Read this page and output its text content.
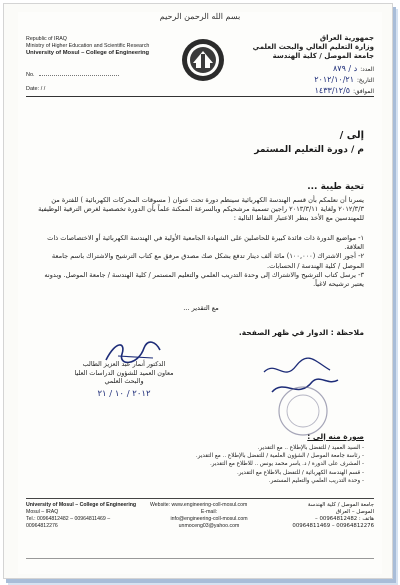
بسم الله الرحمن الرحيم
Republic of IRAQ
Ministry of Higher Education and Scientific Research
University of Mosul – College of Engineering
جمهورية العراق
وزارة التعليم العالي والبحث العلمي
جامعة الموصل / كلية الهندسة
No.
Date: / /
العدد:د / ٨٧٩
التاريخ:٢٠١٢/١٠/٢١
الموافق:١٤٣٣/١٢/٥
إلى /
م / دورة التعليم المستمر
تحية طيبة ...
يسرنا أن نعلمكم بأن قسم الهندسة الكهربائية سينظم دورة تحت عنوان ( مسوقات المحركات الكهربائية ) للفترة من ٢٠١٢/٣/٣ ولغاية ٢٠١٣/٣/١١ راجين تسمية مرشحيكم وبالسرعة الممكنة علماً بأن الدورة تخصصية لغرض الترقية الوظيفية للمهندسين مع الأخذ بنظر الاعتبار النقاط التالية :
١- مواضيع الدورة ذات فائدة كبيرة للحاصلين على الشهادة الجامعية الأولية في الهندسة الكهربائية أو الاختصاصات ذات العلاقة.
٢- أجور الاشتراك (١٠٠,٠٠٠) مائة ألف دينار تدفع بشكل صك مصدق مرفق مع كتاب الترشيح والاشتراك باسم جامعة الموصل / كلية الهندسة / الحسابات.
٣- يرسل كتاب الترشيح والاشتراك إلى وحدة التدريب العلمي والتعليم المستمر / كلية الهندسة / جامعة الموصل. وبدونه يعتبر ترشيحه لاغياً.
مع التقدير ...
ملاحظة : الدوار في ظهر الصفحة.
الدكتور أنمار عبد العزيز الطالب
معاون العميد للشؤون الدراسات العليا
والبحث العلمي
٢٠١٢ / ١٠ / ٢١
صورة منه إلى :
- السيد العميد / للتفضل بالإطلاع .. مع التقدير.
- رئاسة جامعة الموصل / الشؤون العلمية / للتفضل بالإطلاع .. مع التقدير.
- المشرف على الدورة / د. ياسر محمد يونس .. للاطلاع مع التقدير.
- قسم الهندسة الكهربائية / للتفضل بالاطلاع مع التقدير.
- وحدة التدريب العلمي والتعليم المستمر.
University of Mosul – College of Engineering
Mosul – IRAQ
Tel.: 00964812482 – 00964811469 –
00964812276
Website: www.engineering-coll-mosul.com
E-mail:
info@engineering-coll-mosul.com
unmoceng03@yahoo.com
جامعة الموصل / كلية الهندسة
الموصل – العراق
هاتف : 00964812482 –
00964812276 – 00964811469
